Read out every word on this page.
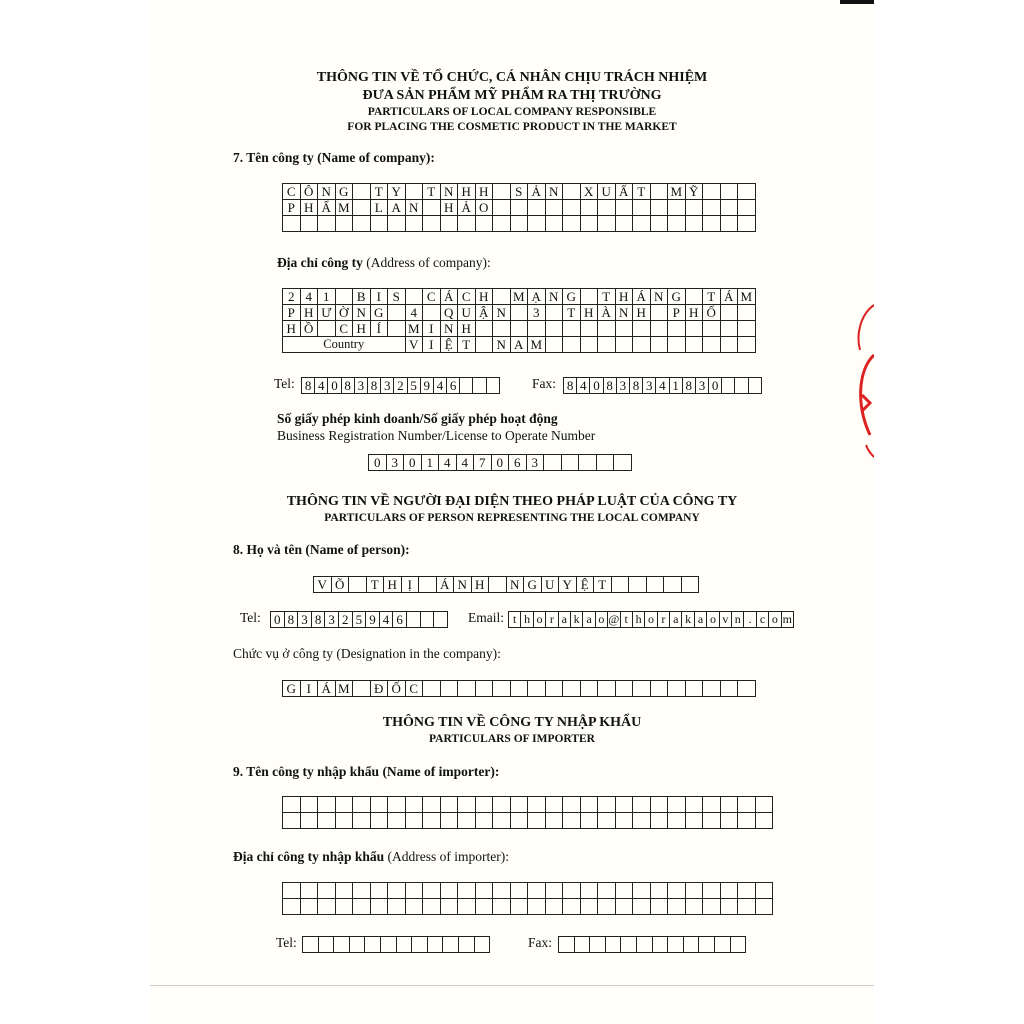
THÔNG TIN VỀ TỔ CHỨC, CÁ NHÂN CHỊU TRÁCH NHIỆM
ĐƯA SẢN PHẨM MỸ PHẨM RA THỊ TRƯỜNG
PARTICULARS OF LOCAL COMPANY RESPONSIBLE
FOR PLACING THE COSMETIC PRODUCT IN THE MARKET
7. Tên công ty (Name of company):
C	Ô	N	G		T	Y		T	N	H	H		S	Ả	N		X	U	Ấ	T		M	Ỹ			
P	H	Ẩ	M		L	A	N		H	Ả	O															

Địa chỉ công ty (Address of company):
2	4	1		B	I	S		C	Á	C	H		M	Ạ	N	G		T	H	Á	N	G		T	Á	M
P	H	Ư	Ờ	N	G		4		Q	U	Ậ	N		3		T	H	À	N	H		P	H	Ố		
H	Ồ		C	H	Í		M	I	N	H																
Country							V	I	Ệ	T		N	A	M												
Tel: 8	4	0	8	3	8	3	2	5	9	4	6				Fax: 8	4	0	8	3	8	3	4	1	8	3	0			
Số giấy phép kinh doanh/Số giấy phép hoạt động
Business Registration Number/License to Operate Number
0	3	0	1	4	4	7	0	6	3					
THÔNG TIN VỀ NGƯỜI ĐẠI DIỆN THEO PHÁP LUẬT CỦA CÔNG TY
PARTICULARS OF PERSON REPRESENTING THE LOCAL COMPANY
8. Họ và tên (Name of person):
V	Õ		T	H	Ị		Á	N	H		N	G	U	Y	Ệ	T					
Tel: 0	8	3	8	3	2	5	9	4	6				Email: t	h	o	r	a	k	a	o	@	t	h	o	r	a	k	a	o	v	n	.	c	o	m
Chức vụ ở công ty (Designation in the company):
G	I	Á	M		Đ	Ố	C																			
THÔNG TIN VỀ CÔNG TY NHẬP KHẨU
PARTICULARS OF IMPORTER
9. Tên công ty nhập khẩu (Name of importer):

Địa chỉ công ty nhập khẩu (Address of importer):

Tel:
												Fax:
